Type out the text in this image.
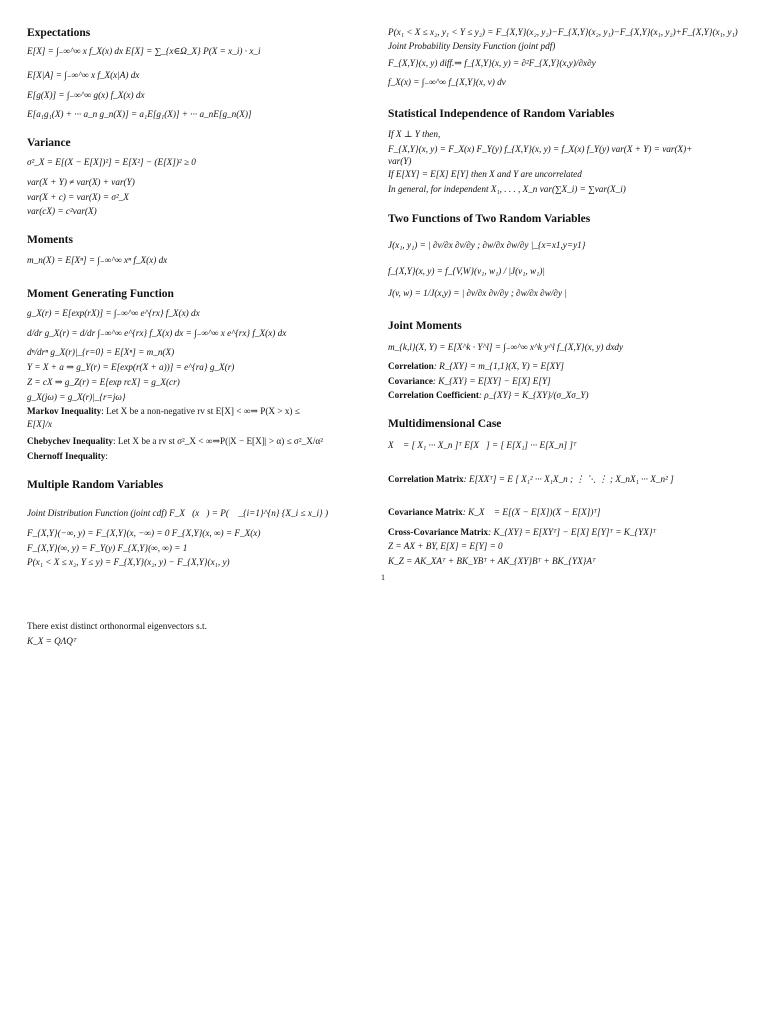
Expectations
E[X] = ∫₋∞^∞ x f_X(x) dx E[X] = ∑_{x∈Ω_X} P(X = x_i) · x_i
E[X|A] = ∫₋∞^∞ x f_X(x|A) dx
E[g(X)] = ∫₋∞^∞ g(x) f_X(x) dx
E[a₁g₁(X) + ··· a_n g_n(X)] = a₁E[g₁(X)] + ··· a_nE[g_n(X)]
Variance
σ²_X = E[(X − E[X])²] = E[X²] − (E[X])² ≥ 0
var(X + Y) ≠ var(X) + var(Y)
var(X + c) = var(X) = σ²_X
var(cX) = c²var(X)
Moments
m_n(X) = E[Xⁿ] = ∫₋∞^∞ xⁿ f_X(x) dx
Moment Generating Function
g_X(r) = E[exp(rX)] = ∫₋∞^∞ e^{rx} f_X(x) dx
d/dr g_X(r) = d/dr ∫₋∞^∞ e^{rx} f_X(x) dx = ∫₋∞^∞ x e^{rx} f_X(x) dx
dⁿ/drⁿ g_X(r)|_{r=0} = E[Xⁿ] = m_n(X)
Y = X + a ⇒ g_Y(r) = E[exp(r(X + a))] = e^{ra} g_X(r)
Z = cX ⇒ g_Z(r) = E[exp rcX] = g_X(cr)
g_X(jω) = g_X(r)|_{r=jω}
Markov Inequality: Let X be a non-negative rv st E[X] < ∞⇒ P(X > x) ≤
E[X]/x
Chebychev Inequality: Let X be a rv st σ²_X < ∞⇒P(|X − E[X]| > α) ≤ σ²_X/α²
Chernoff Inequality:
Multiple Random Variables
Joint Distribution Function (joint cdf) F_X⃗(x⃗) = P( ⋂_{i=1}^{n} {X_i ≤ x_i} )
F_{X,Y}(−∞, y) = F_{X,Y}(x, −∞) = 0 F_{X,Y}(x, ∞) = F_X(x)
F_{X,Y}(∞, y) = F_Y(y) F_{X,Y}(∞, ∞) = 1
P(x₁ < X ≤ x₂, Y ≤ y) = F_{X,Y}(x₂, y) − F_{X,Y}(x₁, y)
P(x₁ < X ≤ x₂, y₁ < Y ≤ y₂) = F_{X,Y}(x₂, y₂)−F_{X,Y}(x₂, y₁)−F_{X,Y}(x₁, y₂)+F_{X,Y}(x₁, y₁)
Joint Probability Density Function (joint pdf)
F_{X,Y}(x, y) diff.⇒ f_{X,Y}(x, y) = ∂²F_{X,Y}(x,y)/∂x∂y
f_X(x) = ∫₋∞^∞ f_{X,Y}(x, v) dv
Statistical Independence of Random Variables
If X ⊥ Y then,
F_{X,Y}(x, y) = F_X(x) F_Y(y) f_{X,Y}(x, y) = f_X(x) f_Y(y) var(X + Y) = var(X)+
var(Y)
If E[XY] = E[X] E[Y] then X and Y are uncorrelated
In general, for independent X₁, . . . , X_n var(∑X_i) = ∑var(X_i)
Two Functions of Two Random Variables
J(x₁, y₁) = | ∂v/∂x ∂v/∂y ; ∂w/∂x ∂w/∂y |_{x=x1,y=y1}
f_{X,Y}(x, y) = f_{V,W}(v₁, w₁) / |J(v₁, w₁)|
J(v, w) = 1/J(x,y) = | ∂v/∂x ∂v/∂y ; ∂w/∂x ∂w/∂y |
Joint Moments
m_{k,l}(X, Y) = E[X^k · Y^l] = ∫₋∞^∞ x^k y^l f_{X,Y}(x, y) dxdy
Correlation: R_{XY} = m_{1,1}(X, Y) = E[XY]
Covariance: K_{XY} = E[XY] − E[X] E[Y]
Correlation Coefficient: ρ_{XY} = K_{XY}/(σ_Xσ_Y)
Multidimensional Case
X⃗ = [ X₁ ··· X_n ]ᵀ E[X⃗] = [ E[X₁] ··· E[X_n] ]ᵀ
Correlation Matrix: E[XXᵀ] = E [ X₁² ··· X₁X_n ; ⋮ ⋱ ⋮ ; X_nX₁ ··· X_n² ]
Covariance Matrix: K_X⃗ = E[(X − E[X])(X − E[X])ᵀ]
Cross-Covariance Matrix: K_{XY} = E[XYᵀ] − E[X] E[Y]ᵀ = K_{YX}ᵀ
Z = AX + BY, E[X] = E[Y] = 0
K_Z = AK_XAᵀ + BK_YBᵀ + AK_{XY}Bᵀ + BK_{YX}Aᵀ
1
There exist distinct orthonormal eigenvectors s.t.
K_X = QΛQᵀ
